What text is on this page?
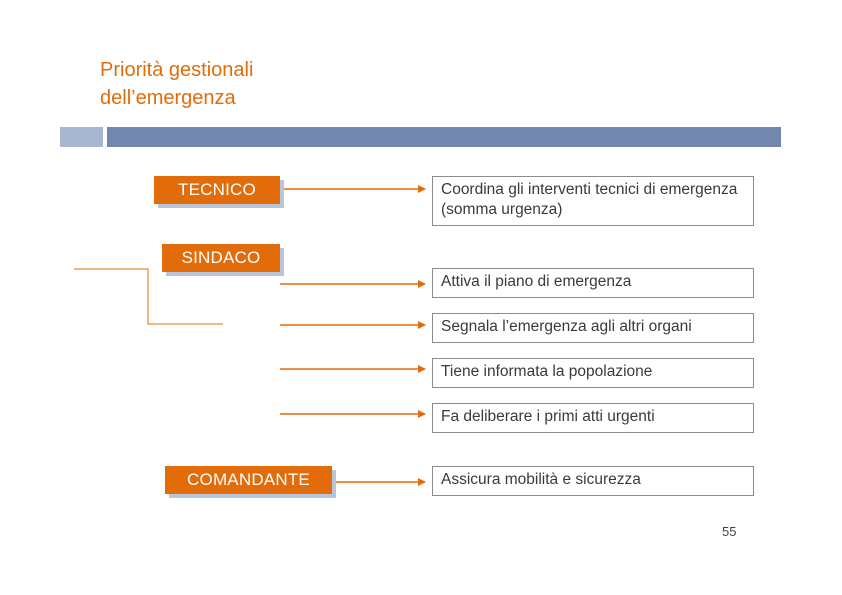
Priorità gestionali
dell’emergenza
TECNICO
SINDACO
COMANDANTE
Coordina gli interventi tecnici di emergenza (somma urgenza)
Attiva il piano di emergenza
Segnala l’emergenza agli altri organi
Tiene informata la popolazione
Fa deliberare i primi atti urgenti
Assicura mobilità e sicurezza
55
